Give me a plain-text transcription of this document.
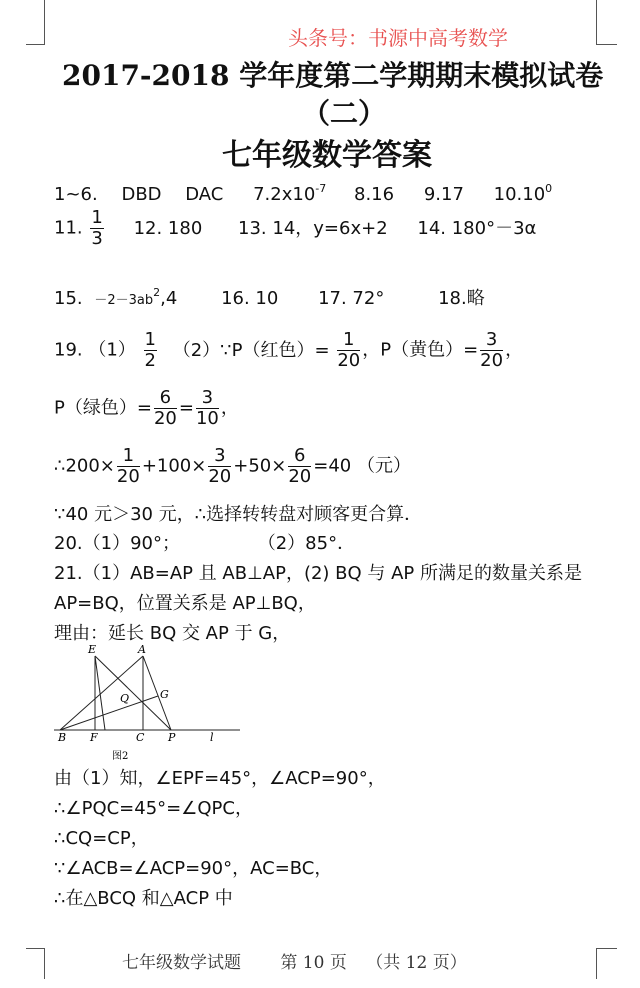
头条号：书源中高考数学
2017-2018 学年度第二学期期末模拟试卷
（二）
七年级数学答案
1~6. DBD DAC $7.2x10^{-7}$ 8.16 9.17 10.10$^0$
11. $\frac{1}{3} 12$. 180 13. 14，y=6x+2 14. 180°－3α
15. $-2-3ab^2,4$ 16. 10 17. 72°	18.略
19. $(1) \frac{1}{2}$ （2）∵P（红色）= $\frac{1}{20}$ ，P（黄色）= $\frac{3}{20}$ ，
P（绿色）= $\frac{6}{20} = \frac{3}{10}$ ，
∴200× $\frac{1}{20} +100\times \frac{3}{20} +50\times \frac{6}{20} =40$ （元）
∵40 元＞30 元，∴选择转转盘对顾客更合算．
20.（1）90°；	（2）85°．
21.（1）AB=AP 且 AB⊥AP，(2) BQ 与 AP 所满足的数量关系是
AP=BQ，位置关系是 AP⊥BQ，
理由：延长 BQ 交 AP 于 G，
E	A
Q	G
B F	C P	l
图2
由（1）知，∠EPF=45°，∠ACP=90°，
∴∠PQC=45°=∠QPC，
∴CQ=CP，
∵∠ACB=∠ACP=90°，AC=BC，
∴在△BCQ 和△ACP 中
七年级数学试题 第 10 页 （共 12 页）
